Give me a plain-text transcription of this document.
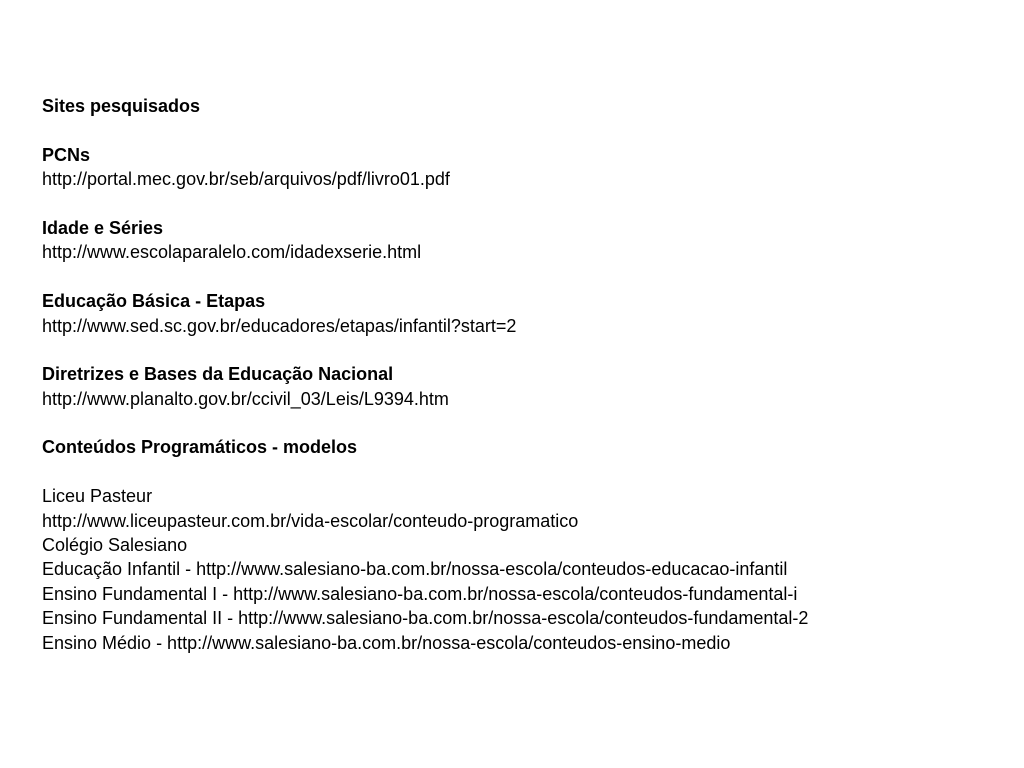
Sites pesquisados
PCNs
http://portal.mec.gov.br/seb/arquivos/pdf/livro01.pdf
Idade e Séries
http://www.escolaparalelo.com/idadexserie.html
Educação Básica - Etapas
http://www.sed.sc.gov.br/educadores/etapas/infantil?start=2
Diretrizes e Bases da Educação Nacional
http://www.planalto.gov.br/ccivil_03/Leis/L9394.htm
Conteúdos Programáticos - modelos
Liceu Pasteur
http://www.liceupasteur.com.br/vida-escolar/conteudo-programatico
Colégio Salesiano
Educação Infantil - http://www.salesiano-ba.com.br/nossa-escola/conteudos-educacao-infantil
Ensino Fundamental I - http://www.salesiano-ba.com.br/nossa-escola/conteudos-fundamental-i
Ensino Fundamental II - http://www.salesiano-ba.com.br/nossa-escola/conteudos-fundamental-2
Ensino Médio - http://www.salesiano-ba.com.br/nossa-escola/conteudos-ensino-medio
